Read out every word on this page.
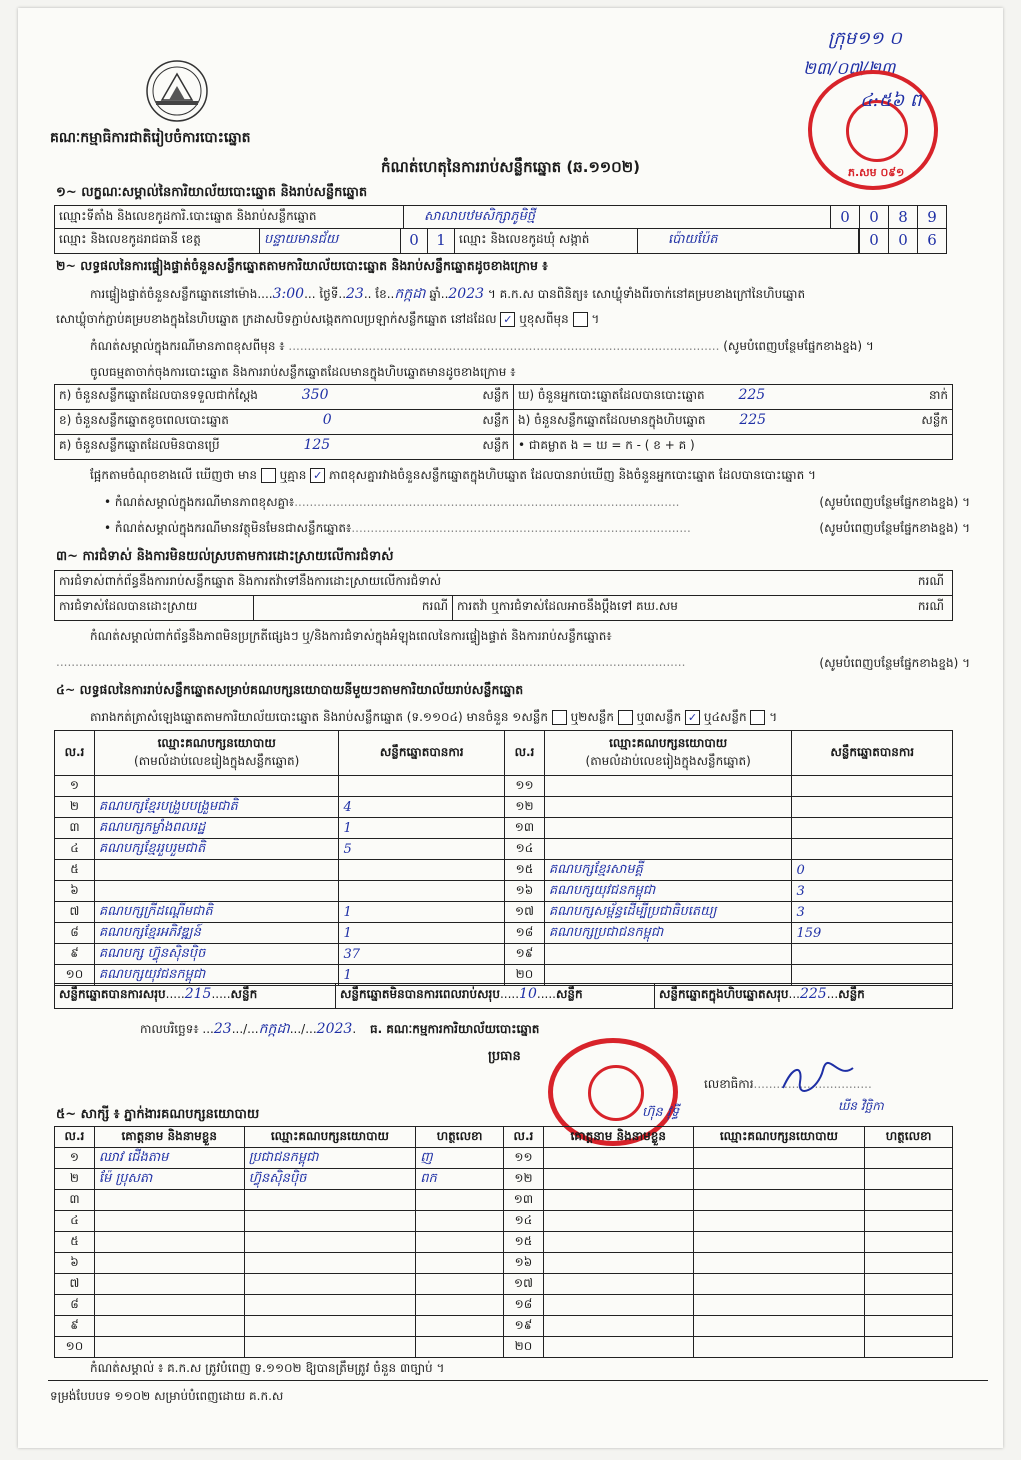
គណៈកម្មាធិការជាតិរៀបចំការបោះឆ្នោត
កំណត់ហេតុនៃការរាប់សន្លឹកឆ្នោត (ឆ.១១០២)
ក្រុម១១ ០
២៣/០៧/២៣
ភ.សម ០៩១
៤:៥៦ ព
១~ លក្ខណៈសម្គាល់នៃការិយាល័យបោះឆ្នោត និងរាប់សន្លឹកឆ្នោត
ឈ្មោះទីតាំង និងលេខកូដការិ.បោះឆ្នោត និងរាប់សន្លឹកឆ្នោត	សាលាបឋមសិក្សាភូមិថ្មី	0	0	8	9
ឈ្មោះ និងលេខកូដរាជធានី ខេត្ត	បន្ទាយមានជ័យ	0	1	ឈ្មោះ និងលេខកូដឃុំ សង្កាត់	ប៉ោយប៉ែត	0	0	6
២~ លទ្ធផលនៃការផ្ទៀងផ្ទាត់ចំនួនសន្លឹកឆ្នោតតាមការិយាល័យបោះឆ្នោត និងរាប់សន្លឹកឆ្នោតដូចខាងក្រោម ៖
ការផ្ទៀងផ្ទាត់ចំនួនសន្លឹកឆ្នោតនៅម៉ោង....3:00... ថ្ងៃទី..23.. ខែ..កក្កដា ឆ្នាំ..2023 ។ គ.ក.ស បានពិនិត្យ៖ សោឃ្លុំទាំងពីរចាក់នៅគម្របខាងក្រៅនៃហិបឆ្នោត
សោឃ្លុំចាក់ភ្ជាប់គម្របខាងក្នុងនៃហិបឆ្នោត ក្រដាសបិទភ្ជាប់សង្កេតកាលប្រឡាក់សន្លឹកឆ្នោត នៅដដែល ✓ ឬខុសពីមុន  ។
កំណត់សម្គាល់ក្នុងករណីមានភាពខុសពីមុន ៖ ................................................................................................................. (សូមបំពេញបន្ថែមផ្នែកខាងខ្នង) ។
ចូលធម្មតាចាក់ចុងការបោះឆ្នោត និងការរាប់សន្លឹកឆ្នោតដែលមានក្នុងហិបឆ្នោតមានដូចខាងក្រោម ៖
ក) ចំនួនសន្លឹកឆ្នោតដែលបានទទួលជាក់ស្តែង	350	សន្លឹក ឃ) ចំនួនអ្នកបោះឆ្នោតដែលបានបោះឆ្នោត 225	នាក់
ខ) ចំនួនសន្លឹកឆ្នោតខូចពេលបោះឆ្នោត	0	សន្លឹក ង) ចំនួនសន្លឹកឆ្នោតដែលមានក្នុងហិបឆ្នោត 225	សន្លឹក
គ) ចំនួនសន្លឹកឆ្នោតដែលមិនបានប្រើ	125	សន្លឹក • ជាគម្លាត ង = ឃ = ក - ( ខ + គ )
ផ្អែកតាមចំណុចខាងលើ ឃើញថា មាន ឬគ្មាន ✓ ភាពខុសគ្នារវាងចំនួនសន្លឹកឆ្នោតក្នុងហិបឆ្នោត ដែលបានរាប់ឃើញ និងចំនួនអ្នកបោះឆ្នោត ដែលបានបោះឆ្នោត ។
• កំណត់សម្គាល់ក្នុងករណីមានភាពខុសគ្នា៖.....................................................................................................	(សូមបំពេញបន្ថែមផ្នែកខាងខ្នង) ។
• កំណត់សម្គាល់ក្នុងករណីមានវត្ថុមិនមែនជាសន្លឹកឆ្នោត៖.........................................................................................	(សូមបំពេញបន្ថែមផ្នែកខាងខ្នង) ។
៣~ ការជំទាស់ និងការមិនយល់ស្របតាមការដោះស្រាយលើការជំទាស់
ការជំទាស់ពាក់ព័ន្ធនឹងការរាប់សន្លឹកឆ្នោត និងការតវ៉ាទៅនឹងការដោះស្រាយលើការជំទាស់	ករណី
ការជំទាស់ដែលបានដោះស្រាយ	ករណី ការតវ៉ា ឬការជំទាស់ដែលអាចនឹងប្តឹងទៅ គឃ.សម	ករណី
កំណត់សម្គាល់ពាក់ព័ន្ធនឹងភាពមិនប្រក្រតីផ្សេងៗ ឬ/និងការជំទាស់ក្នុងអំឡុងពេលនៃការផ្ទៀងផ្ទាត់ និងការរាប់សន្លឹកឆ្នោត៖
.....................................................................................................................................................................	(សូមបំពេញបន្ថែមផ្នែកខាងខ្នង) ។
៤~ លទ្ធផលនៃការរាប់សន្លឹកឆ្នោតសម្រាប់គណបក្សនយោបាយនីមួយៗតាមការិយាល័យរាប់សន្លឹកឆ្នោត
តារាងកត់ត្រាសំឡេងឆ្នោតតាមការិយាល័យបោះឆ្នោត និងរាប់សន្លឹកឆ្នោត (ទ.១១០៤) មានចំនួន ១សន្លឹក ឬ២សន្លឹក ឬ៣សន្លឹក ✓ ឬ៤សន្លឹក  ។
ល.រ	ឈ្មោះគណបក្សនយោបាយ
(តាមលំដាប់លេខរៀងក្នុងសន្លឹកឆ្នោត)	សន្លឹកឆ្នោតបានការ
១		
២	គណបក្សខ្មែរបង្រួបបង្រួមជាតិ	4
៣	គណបក្សកម្លាំងពលរដ្ឋ	1
៤	គណបក្សខ្មែររួបរួមជាតិ	5
៥		
៦		
៧	គណបក្សក្រីដណ្តើមជាតិ	1
៨	គណបក្សខ្មែរអភិវឌ្ឍន៍	1
៩	គណបក្ស ហ៊្វុនស៊ិនប៉ិច	37
១០	គណបក្សយុវជនកម្ពុជា	1
ល.រ	ឈ្មោះគណបក្សនយោបាយ
(តាមលំដាប់លេខរៀងក្នុងសន្លឹកឆ្នោត)	សន្លឹកឆ្នោតបានការ
១១		
១២		
១៣		
១៤		
១៥	គណបក្សខ្មែរសាមគ្គី	0
១៦	គណបក្សយុវជនកម្ពុជា	3
១៧	គណបក្សសម្ព័ន្ធដើម្បីប្រជាធិបតេយ្យ	3
១៨	គណបក្សប្រជាជនកម្ពុជា	159
១៩		
២០		
សន្លឹកឆ្នោតបានការសរុប.....215.....សន្លឹក	សន្លឹកឆ្នោតមិនបានការពេលរាប់សរុប.....10.....សន្លឹក	សន្លឹកឆ្នោតក្នុងហិបឆ្នោតសរុប...225...សន្លឹក
កាលបរិច្ឆេទ៖ ...23.../...កក្កដា.../...2023. ធ. គណៈកម្មការការិយាល័យបោះឆ្នោត
ប្រធាន
លេខាធិការ...............................
ហ៊ុន វុទ្ធី	ឃីន វិច្ឆិកា
៥~ សាក្សី ៖ ភ្នាក់ងារគណបក្សនយោបាយ
ល.រ	គោត្តនាម និងនាមខ្លួន	ឈ្មោះគណបក្សនយោបាយ	ហត្ថលេខា
១	ឈាវ ជើងតាម	ប្រជាជនកម្ពុជា	ញ
២	ម៉ែ ប្រុសតា	ហ៊្វុនស៊ិនប៉ិច	ពក
៣			
៤			
៥			
៦			
៧			
៨			
៩			
១០			
ល.រ	គោត្តនាម និងនាមខ្លួន	ឈ្មោះគណបក្សនយោបាយ	ហត្ថលេខា
១១			
១២			
១៣			
១៤			
១៥			
១៦			
១៧			
១៨			
១៩			
២០			
កំណត់សម្គាល់ ៖ គ.ក.ស ត្រូវបំពេញ ទ.១១០២ ឱ្យបានត្រឹមត្រូវ ចំនួន ៣ច្បាប់ ។
ទម្រង់បែបបទ ១១០២ សម្រាប់បំពេញដោយ គ.ក.ស
